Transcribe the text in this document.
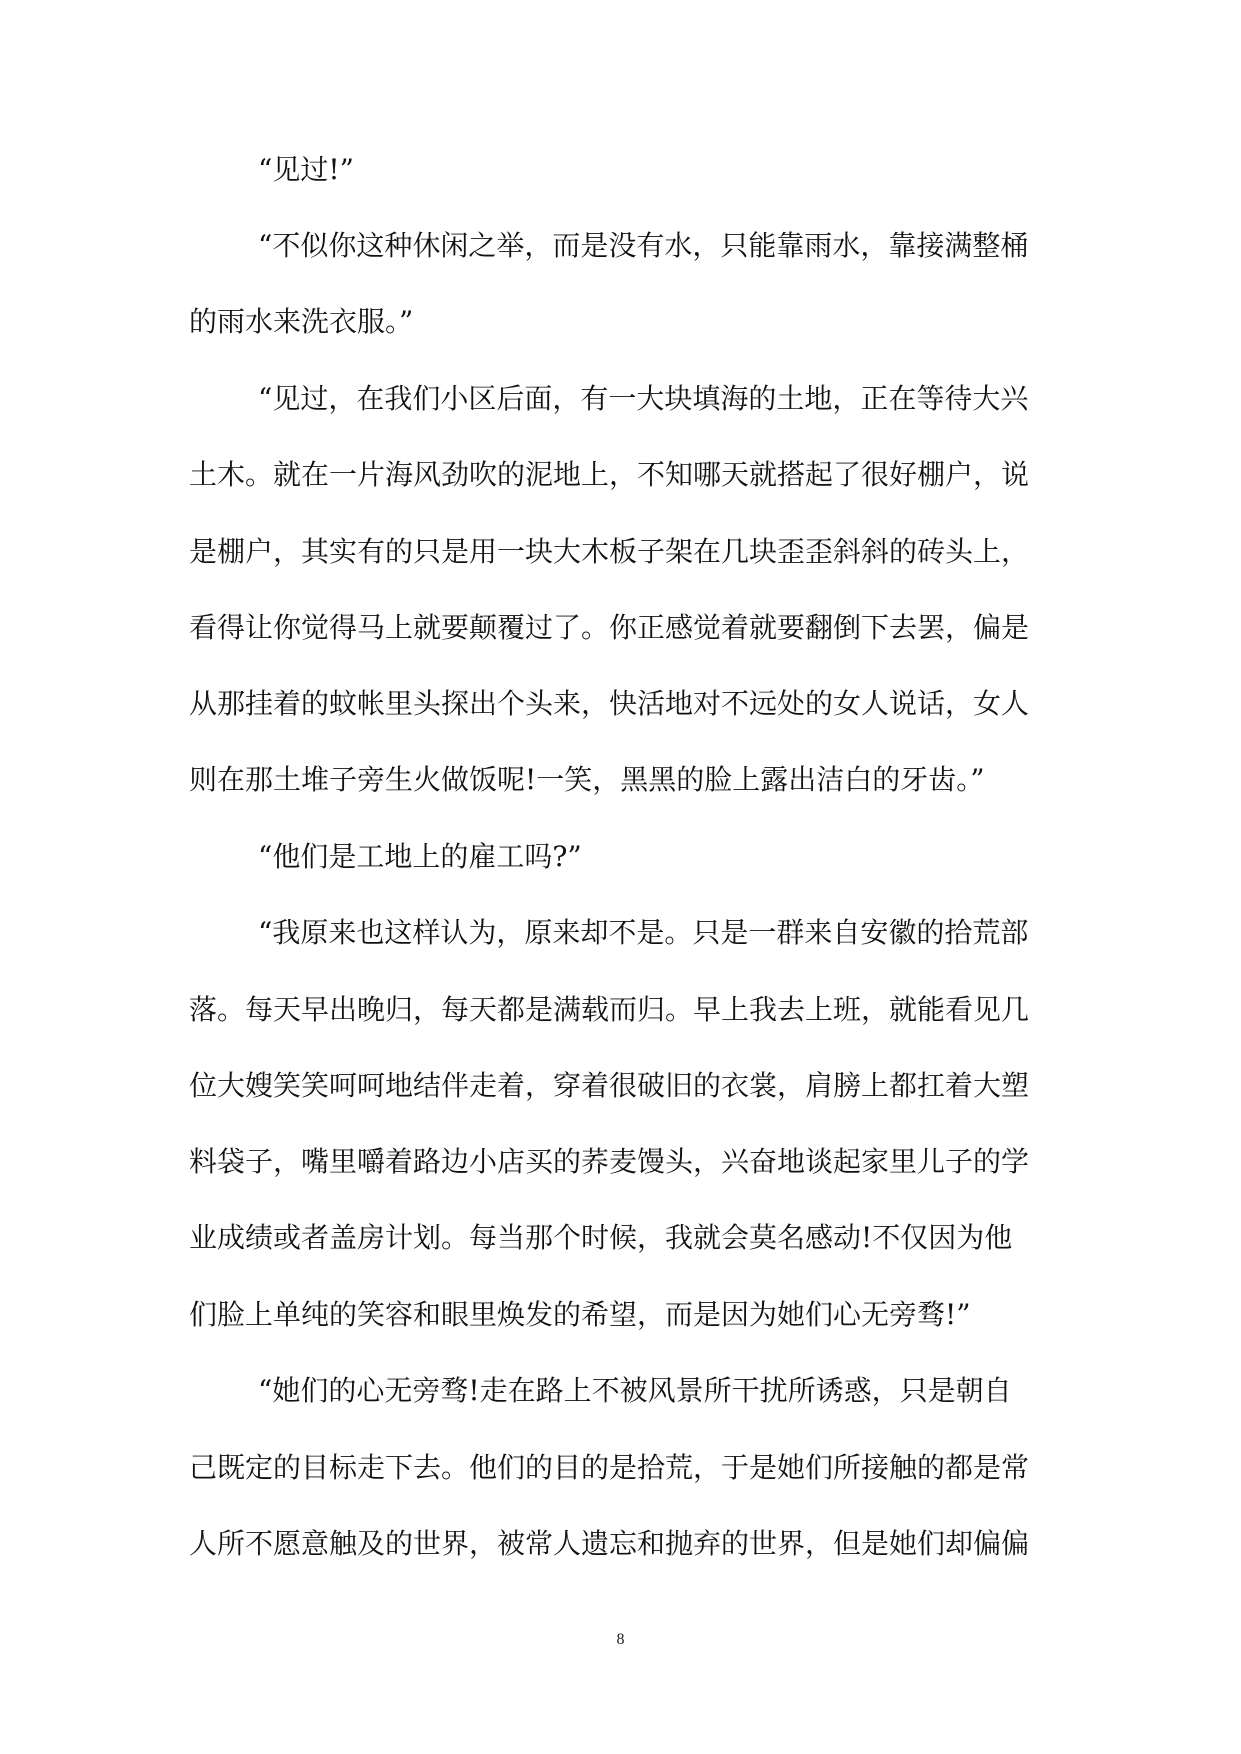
“见过!”
“不似你这种休闲之举，而是没有水，只能靠雨水，靠接满整桶
的雨水来洗衣服。”
“见过，在我们小区后面，有一大块填海的土地，正在等待大兴
土木。就在一片海风劲吹的泥地上，不知哪天就搭起了很好棚户，说
是棚户，其实有的只是用一块大木板子架在几块歪歪斜斜的砖头上，
看得让你觉得马上就要颠覆过了。你正感觉着就要翻倒下去罢，偏是
从那挂着的蚊帐里头探出个头来，快活地对不远处的女人说话，女人
则在那土堆子旁生火做饭呢!一笑，黑黑的脸上露出洁白的牙齿。”
“他们是工地上的雇工吗?”
“我原来也这样认为，原来却不是。只是一群来自安徽的拾荒部
落。每天早出晚归，每天都是满载而归。早上我去上班，就能看见几
位大嫂笑笑呵呵地结伴走着，穿着很破旧的衣裳，肩膀上都扛着大塑
料袋子，嘴里嚼着路边小店买的荞麦馒头，兴奋地谈起家里儿子的学
业成绩或者盖房计划。每当那个时候，我就会莫名感动!不仅因为他
们脸上单纯的笑容和眼里焕发的希望，而是因为她们心无旁骛!”
“她们的心无旁骛!走在路上不被风景所干扰所诱惑，只是朝自
己既定的目标走下去。他们的目的是拾荒，于是她们所接触的都是常
人所不愿意触及的世界，被常人遗忘和抛弃的世界，但是她们却偏偏
8
